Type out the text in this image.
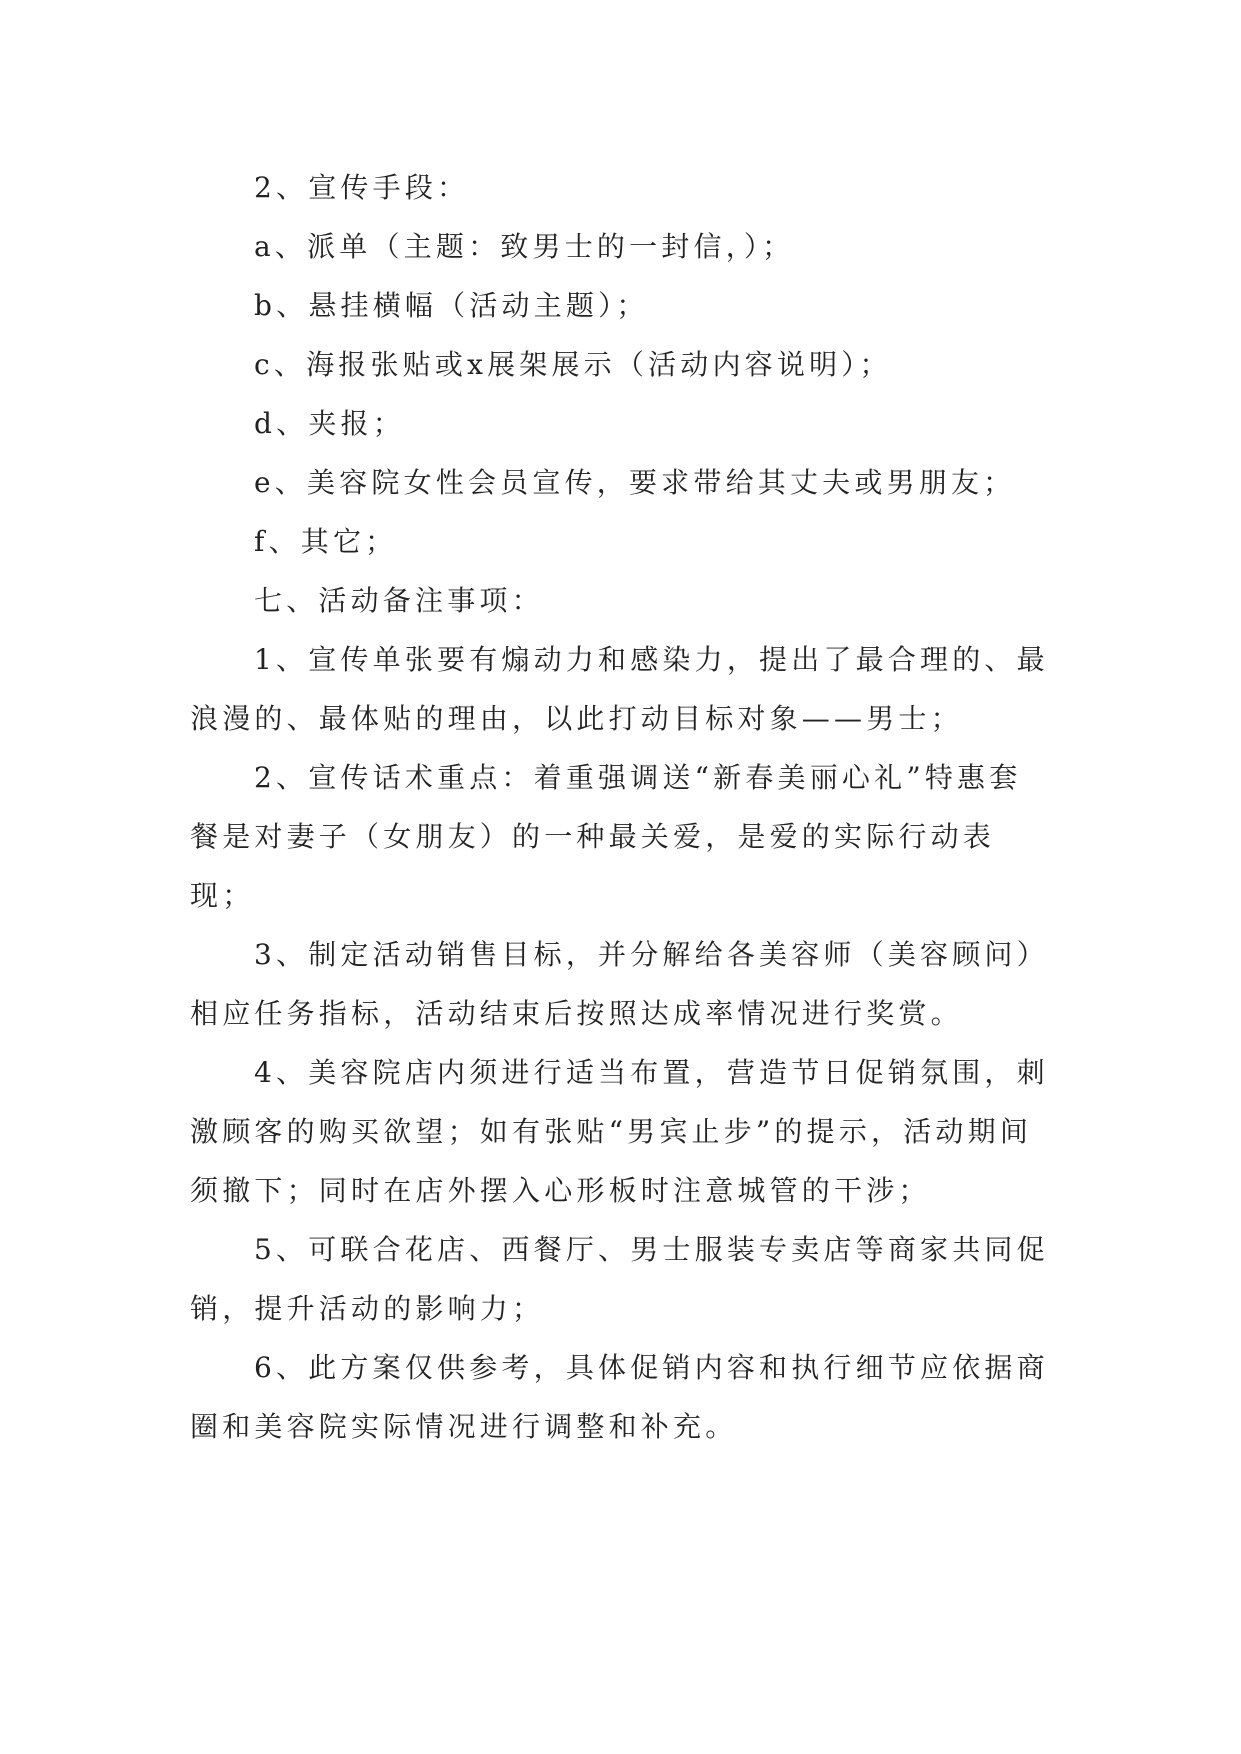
2、宣传手段：

a、派单（主题：致男士的一封信，）；

b、悬挂横幅（活动主题）；

c、海报张贴或x展架展示（活动内容说明）；

d、夹报；

e、美容院女性会员宣传，要求带给其丈夫或男朋友；

f、其它；

七、活动备注事项：

1、宣传单张要有煽动力和感染力，提出了最合理的、最浪漫的、最体贴的理由，以此打动目标对象——男士；

2、宣传话术重点：着重强调送“新春美丽心礼”特惠套餐是对妻子（女朋友）的一种最关爱，是爱的实际行动表现；

3、制定活动销售目标，并分解给各美容师（美容顾问）相应任务指标，活动结束后按照达成率情况进行奖赏。

4、美容院店内须进行适当布置，营造节日促销氛围，刺激顾客的购买欲望；如有张贴“男宾止步”的提示，活动期间须撤下；同时在店外摆入心形板时注意城管的干涉；

5、可联合花店、西餐厅、男士服装专卖店等商家共同促销，提升活动的影响力；

6、此方案仅供参考，具体促销内容和执行细节应依据商圈和美容院实际情况进行调整和补充。
